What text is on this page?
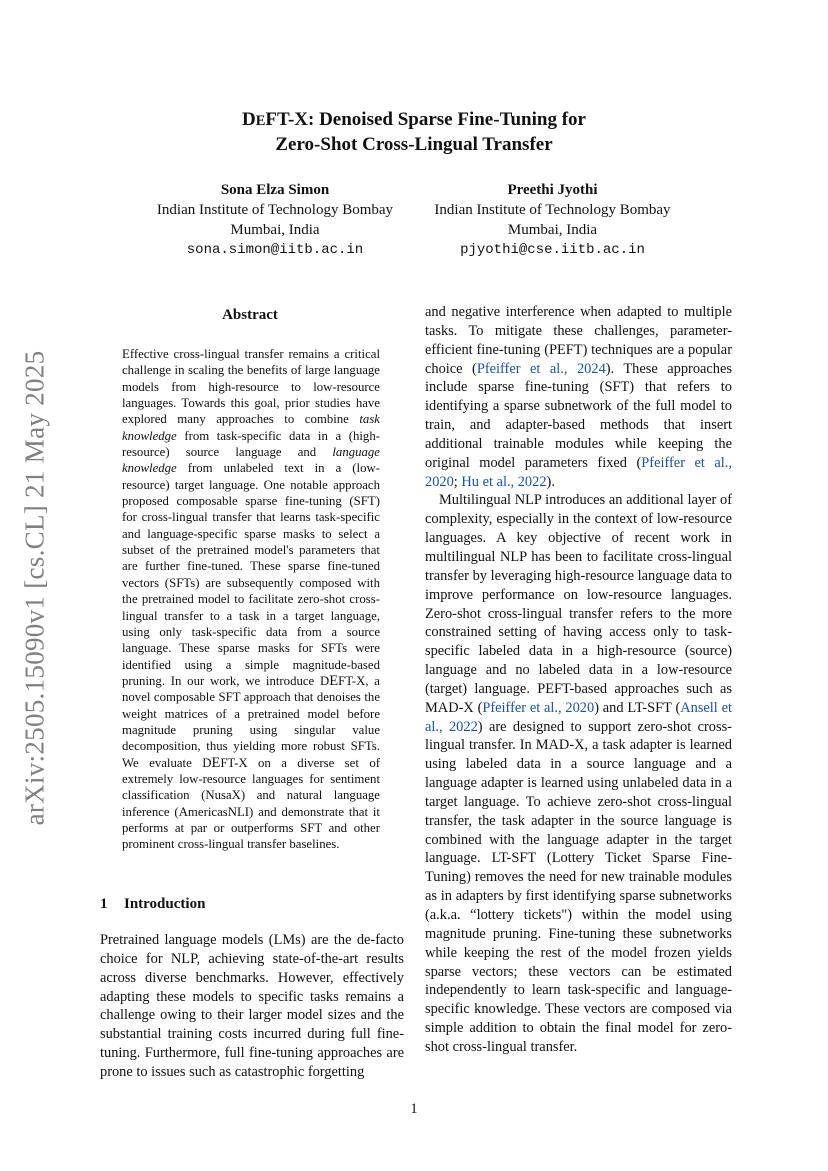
arXiv:2505.15090v1 [cs.CL] 21 May 2025
DEFT-X: Denoised Sparse Fine-Tuning for
Zero-Shot Cross-Lingual Transfer
Sona Elza Simon
Indian Institute of Technology Bombay
Mumbai, India
sona.simon@iitb.ac.in
Preethi Jyothi
Indian Institute of Technology Bombay
Mumbai, India
pjyothi@cse.iitb.ac.in
Abstract
Effective cross-lingual transfer remains a critical challenge in scaling the benefits of large language models from high-resource to low-resource languages. Towards this goal, prior studies have explored many approaches to combine task knowledge from task-specific data in a (high-resource) source language and language knowledge from unlabeled text in a (low-resource) target language. One notable approach proposed composable sparse fine-tuning (SFT) for cross-lingual transfer that learns task-specific and language-specific sparse masks to select a subset of the pretrained model's parameters that are further fine-tuned. These sparse fine-tuned vectors (SFTs) are subsequently composed with the pretrained model to facilitate zero-shot cross-lingual transfer to a task in a target language, using only task-specific data from a source language. These sparse masks for SFTs were identified using a simple magnitude-based pruning. In our work, we introduce DEFT-X, a novel composable SFT approach that denoises the weight matrices of a pretrained model before magnitude pruning using singular value decomposition, thus yielding more robust SFTs. We evaluate DEFT-X on a diverse set of extremely low-resource languages for sentiment classification (NusaX) and natural language inference (AmericasNLI) and demonstrate that it performs at par or outperforms SFT and other prominent cross-lingual transfer baselines.
1 Introduction
Pretrained language models (LMs) are the de-facto choice for NLP, achieving state-of-the-art results across diverse benchmarks. However, effectively adapting these models to specific tasks remains a challenge owing to their larger model sizes and the substantial training costs incurred during full fine-tuning. Furthermore, full fine-tuning approaches are prone to issues such as catastrophic forgetting

and negative interference when adapted to multiple tasks. To mitigate these challenges, parameter-efficient fine-tuning (PEFT) techniques are a popular choice (Pfeiffer et al., 2024). These approaches include sparse fine-tuning (SFT) that refers to identifying a sparse subnetwork of the full model to train, and adapter-based methods that insert additional trainable modules while keeping the original model parameters fixed (Pfeiffer et al., 2020; Hu et al., 2022).

Multilingual NLP introduces an additional layer of complexity, especially in the context of low-resource languages. A key objective of recent work in multilingual NLP has been to facilitate cross-lingual transfer by leveraging high-resource language data to improve performance on low-resource languages. Zero-shot cross-lingual transfer refers to the more constrained setting of having access only to task-specific labeled data in a high-resource (source) language and no labeled data in a low-resource (target) language. PEFT-based approaches such as MAD-X (Pfeiffer et al., 2020) and LT-SFT (Ansell et al., 2022) are designed to support zero-shot cross-lingual transfer. In MAD-X, a task adapter is learned using labeled data in a source language and a language adapter is learned using unlabeled data in a target language. To achieve zero-shot cross-lingual transfer, the task adapter in the source language is combined with the language adapter in the target language. LT-SFT (Lottery Ticket Sparse Fine-Tuning) removes the need for new trainable modules as in adapters by first identifying sparse subnetworks (a.k.a. “lottery tickets") within the model using magnitude pruning. Fine-tuning these subnetworks while keeping the rest of the model frozen yields sparse vectors; these vectors can be estimated independently to learn task-specific and language-specific knowledge. These vectors are composed via simple addition to obtain the final model for zero-shot cross-lingual transfer.

1
